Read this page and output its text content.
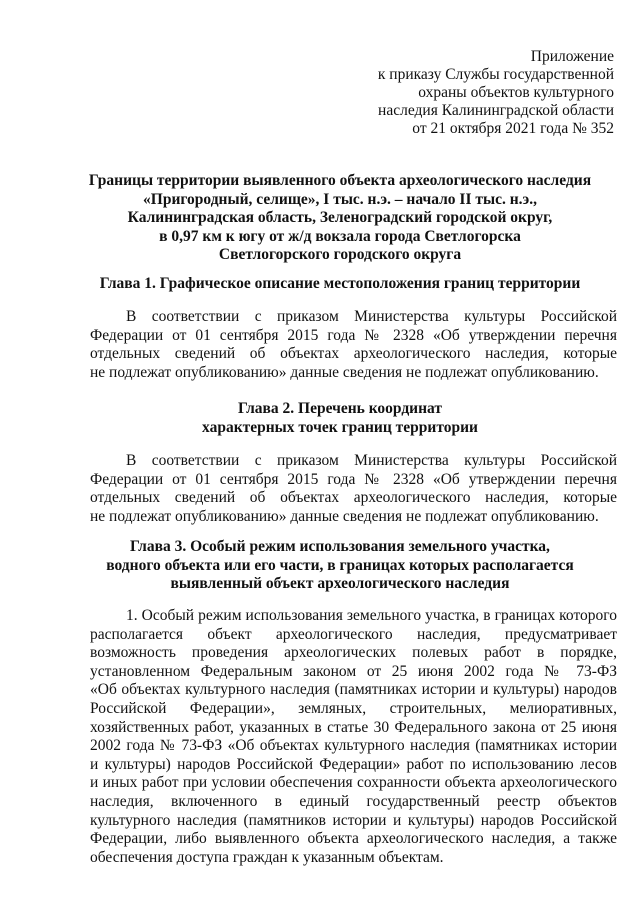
Приложение
к приказу Службы государственной
охраны объектов культурного
наследия Калининградской области
от 21 октября 2021 года № 352
Границы территории выявленного объекта археологического наследия
«Пригородный, селище», I тыс. н.э. – начало II тыс. н.э.,
Калининградская область, Зеленоградский городской округ,
в 0,97 км к югу от ж/д вокзала города Светлогорска
Светлогорского городского округа
Глава 1. Графическое описание местоположения границ территории
В соответствии с приказом Министерства культуры Российской
Федерации от 01 сентября 2015 года № 2328 «Об утверждении перечня
отдельных сведений об объектах археологического наследия, которые
не подлежат опубликованию» данные сведения не подлежат опубликованию.
Глава 2. Перечень координат
характерных точек границ территории
В соответствии с приказом Министерства культуры Российской
Федерации от 01 сентября 2015 года № 2328 «Об утверждении перечня
отдельных сведений об объектах археологического наследия, которые
не подлежат опубликованию» данные сведения не подлежат опубликованию.
Глава 3. Особый режим использования земельного участка,
водного объекта или его части, в границах которых располагается
выявленный объект археологического наследия
1. Особый режим использования земельного участка, в границах которого
располагается объект археологического наследия, предусматривает
возможность проведения археологических полевых работ в порядке,
установленном Федеральным законом от 25 июня 2002 года № 73-ФЗ
«Об объектах культурного наследия (памятниках истории и культуры) народов
Российской Федерации», земляных, строительных, мелиоративных,
хозяйственных работ, указанных в статье 30 Федерального закона от 25 июня
2002 года № 73-ФЗ «Об объектах культурного наследия (памятниках истории
и культуры) народов Российской Федерации» работ по использованию лесов
и иных работ при условии обеспечения сохранности объекта археологического
наследия, включенного в единый государственный реестр объектов
культурного наследия (памятников истории и культуры) народов Российской
Федерации, либо выявленного объекта археологического наследия, а также
обеспечения доступа граждан к указанным объектам.
